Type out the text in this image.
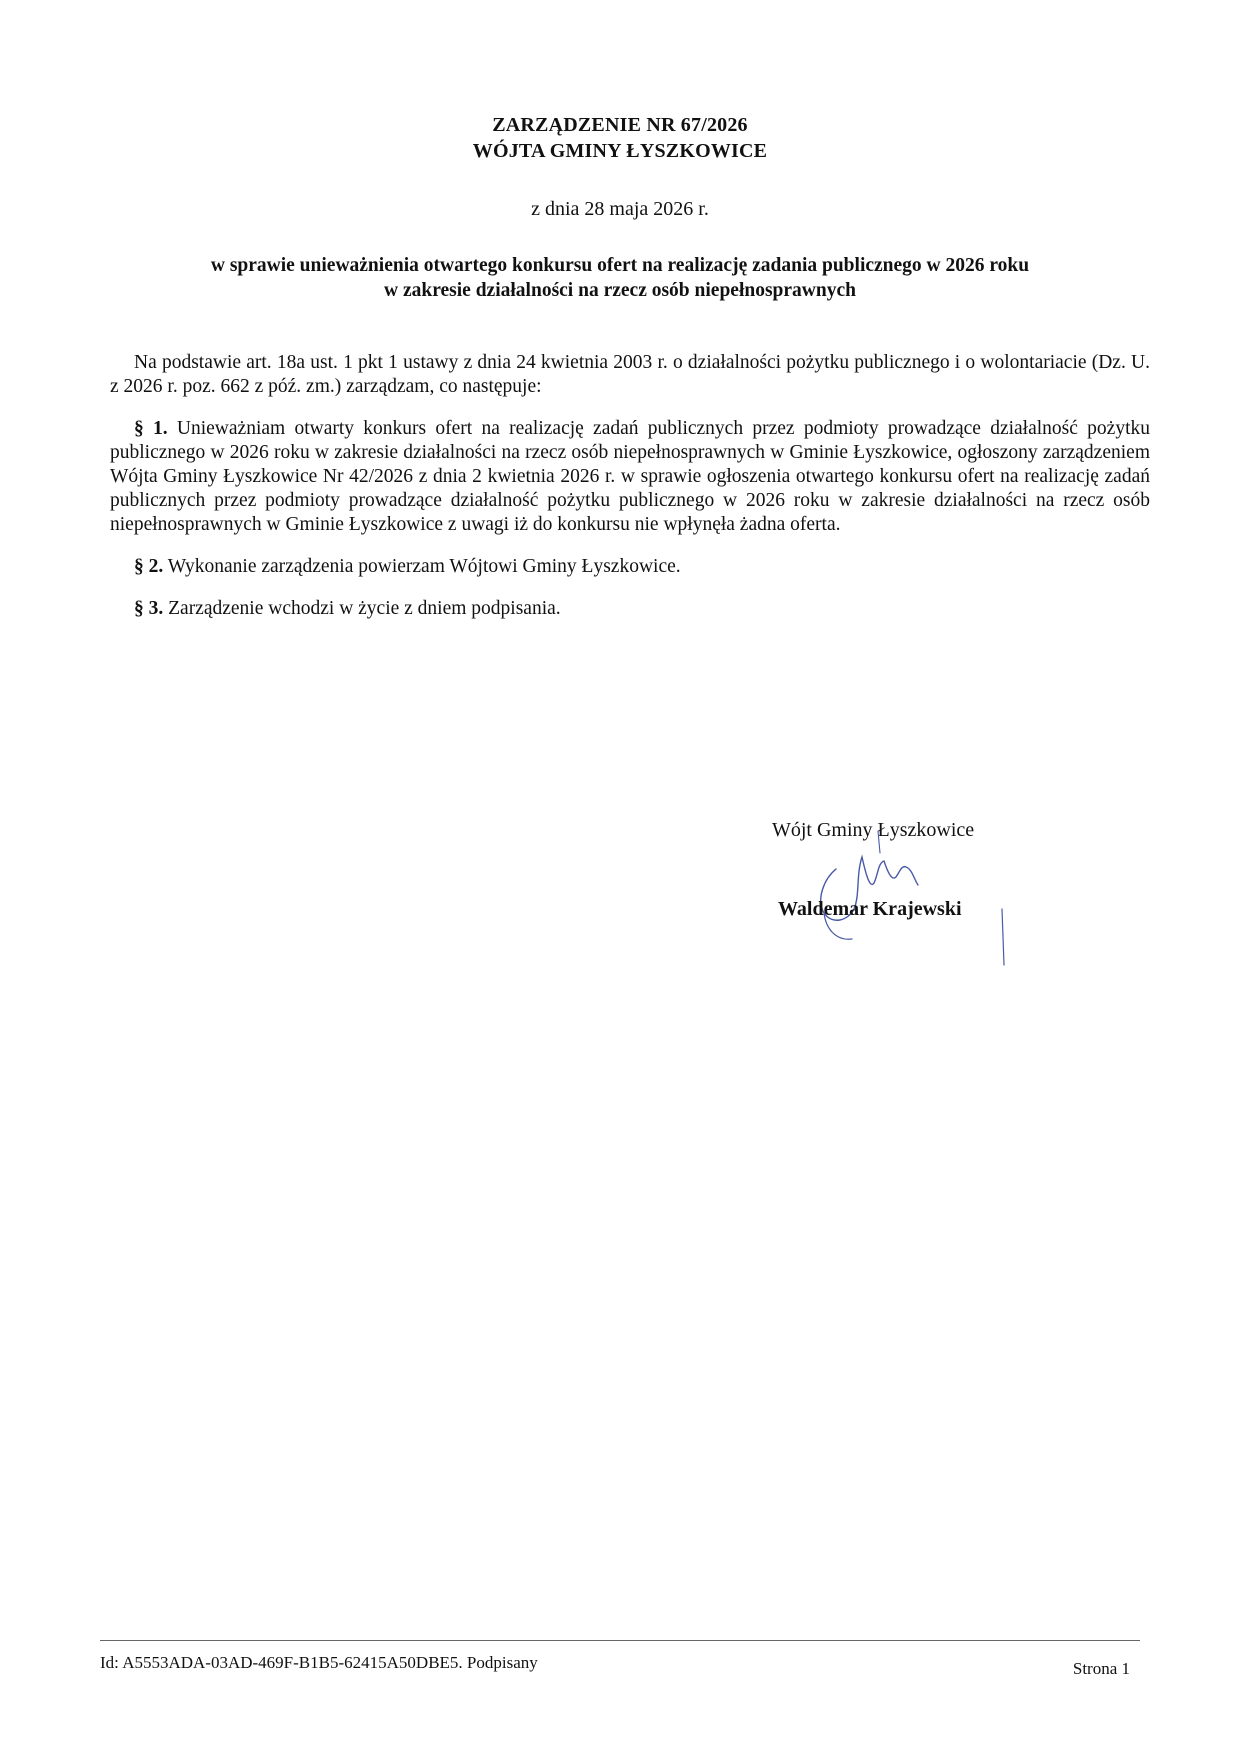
ZARZĄDZENIE NR 67/2026
WÓJTA GMINY ŁYSZKOWICE
z dnia 28 maja 2026 r.
w sprawie unieważnienia otwartego konkursu ofert na realizację zadania publicznego w 2026 roku
w zakresie działalności na rzecz osób niepełnosprawnych

Na podstawie art. 18a ust. 1 pkt 1 ustawy z dnia 24 kwietnia 2003 r. o działalności pożytku publicznego i o wolontariacie (Dz. U. z 2026 r. poz. 662 z póź. zm.) zarządzam, co następuje:

§ 1. Unieważniam otwarty konkurs ofert na realizację zadań publicznych przez podmioty prowadzące działalność pożytku publicznego w 2026 roku w zakresie działalności na rzecz osób niepełnosprawnych w Gminie Łyszkowice, ogłoszony zarządzeniem Wójta Gminy Łyszkowice Nr 42/2026 z dnia 2 kwietnia 2026 r. w sprawie ogłoszenia otwartego konkursu ofert na realizację zadań publicznych przez podmioty prowadzące działalność pożytku publicznego w 2026 roku w zakresie działalności na rzecz osób niepełnosprawnych w Gminie Łyszkowice z uwagi iż do konkursu nie wpłynęła żadna oferta.

§ 2. Wykonanie zarządzenia powierzam Wójtowi Gminy Łyszkowice.

§ 3. Zarządzenie wchodzi w życie z dniem podpisania.

Wójt Gminy Łyszkowice
Waldemar Krajewski
Id: A5553ADA-03AD-469F-B1B5-62415A50DBE5. Podpisany	Strona 1
